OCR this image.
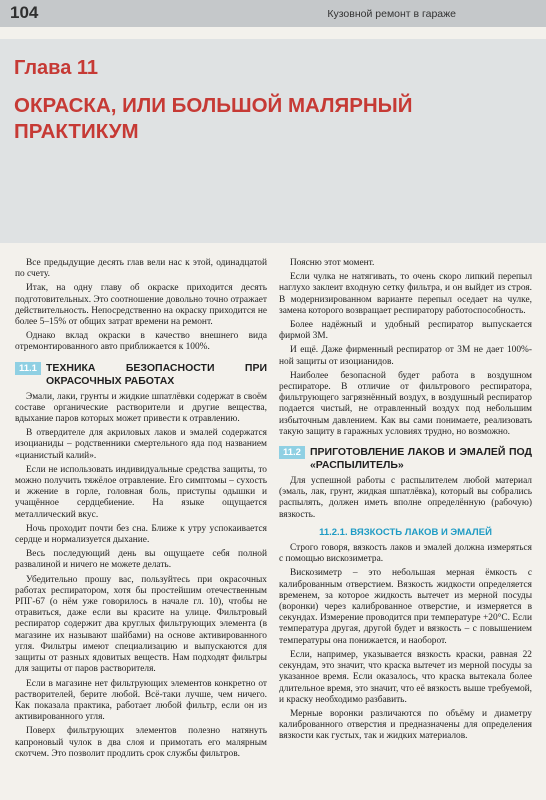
104	Кузовной ремонт в гараже
Глава 11
ОКРАСКА, ИЛИ БОЛЬШОЙ МАЛЯРНЫЙ ПРАКТИКУМ

Все предыдущие десять глав вели нас к этой, одинадцатой по счету.

Итак, на одну главу об окраске приходится десять подготовительных. Это соотношение довольно точно отражает действительность. Непосредственно на окраску приходится не более 5–15% от общих затрат времени на ремонт.

Однако вклад окраски в качество внешнего вида отремонтированного авто приближается к 100%.

11.1 ТЕХНИКА БЕЗОПАСНОСТИ ПРИ ОКРАСОЧНЫХ РАБОТАХ

Эмали, лаки, грунты и жидкие шпатлёвки содержат в своём составе органические растворители и другие вещества, вдыхание паров которых может привести к отравлению.

В отвердителе для акриловых лаков и эмалей содержатся изоцианиды – родственники смертельного яда под названием «цианистый калий».

Если не использовать индивидуальные средства защиты, то можно получить тяжёлое отравление. Его симптомы – сухость и жжение в горле, головная боль, приступы одышки и учащённое сердцебиение. На языке ощущается металлический вкус.

Ночь проходит почти без сна. Ближе к утру успокаивается сердце и нормализуется дыхание.

Весь последующий день вы ощущаете себя полной развалиной и ничего не можете делать.

Убедительно прошу вас, пользуйтесь при окрасочных работах респиратором, хотя бы простейшим отечественным РПГ-67 (о нём уже говорилось в начале гл. 10), чтобы не отравиться, даже если вы красите на улице. Фильтровый респиратор содержит два круглых фильтрующих элемента (в магазине их называют шайбами) на основе активированного угля. Фильтры имеют специализацию и выпускаются для защиты от разных ядовитых веществ. Нам подходят фильтры для защиты от паров растворителя.

Если в магазине нет фильтрующих элементов конкретно от растворителей, берите любой. Всё-таки лучше, чем ничего. Как показала практика, работает любой фильтр, если он из активированного угля.

Поверх фильтрующих элементов полезно натянуть капроновый чулок в два слоя и примотать его малярным скотчем. Это позволит продлить срок службы фильтров.

Поясню этот момент.

Если чулка не натягивать, то очень скоро липкий перепыл наглухо заклеит входную сетку фильтра, и он выйдет из строя. В модернизированном варианте перепыл оседает на чулке, замена которого возвращает респиратору работоспособность.

Более надёжный и удобный респиратор выпускается фирмой 3М.

И ещё. Даже фирменный респиратор от 3М не дает 100%-ной защиты от изоцианидов.

Наиболее безопасной будет работа в воздушном респираторе. В отличие от фильтрового респиратора, фильтрующего загрязнённый воздух, в воздушный респиратор подается чистый, не отравленный воздух под небольшим избыточным давлением. Как вы сами понимаете, реализовать такую защиту в гаражных условиях трудно, но возможно.

11.2 ПРИГОТОВЛЕНИЕ ЛАКОВ И ЭМАЛЕЙ ПОД «РАСПЫЛИТЕЛЬ»

Для успешной работы с распылителем любой материал (эмаль, лак, грунт, жидкая шпатлёвка), который вы собрались распылять, должен иметь вполне определённую (рабочую) вязкость.

11.2.1. ВЯЗКОСТЬ ЛАКОВ И ЭМАЛЕЙ

Строго говоря, вязкость лаков и эмалей должна измеряться с помощью вискозиметра.

Вискозиметр – это небольшая мерная ёмкость с калиброванным отверстием. Вязкость жидкости определяется временем, за которое жидкость вытечет из мерной посуды (воронки) через калиброванное отверстие, и измеряется в секундах. Измерение проводится при температуре +20°С. Если температура другая, другой будет и вязкость – с повышением температуры она понижается, и наоборот.

Если, например, указывается вязкость краски, равная 22 секундам, это значит, что краска вытечет из мерной посуды за указанное время. Если оказалось, что краска вытекала более длительное время, это значит, что её вязкость выше требуемой, и краску необходимо разбавить.

Мерные воронки различаются по объёму и диаметру калиброванного отверстия и предназначены для определения вязкости как густых, так и жидких материалов.
